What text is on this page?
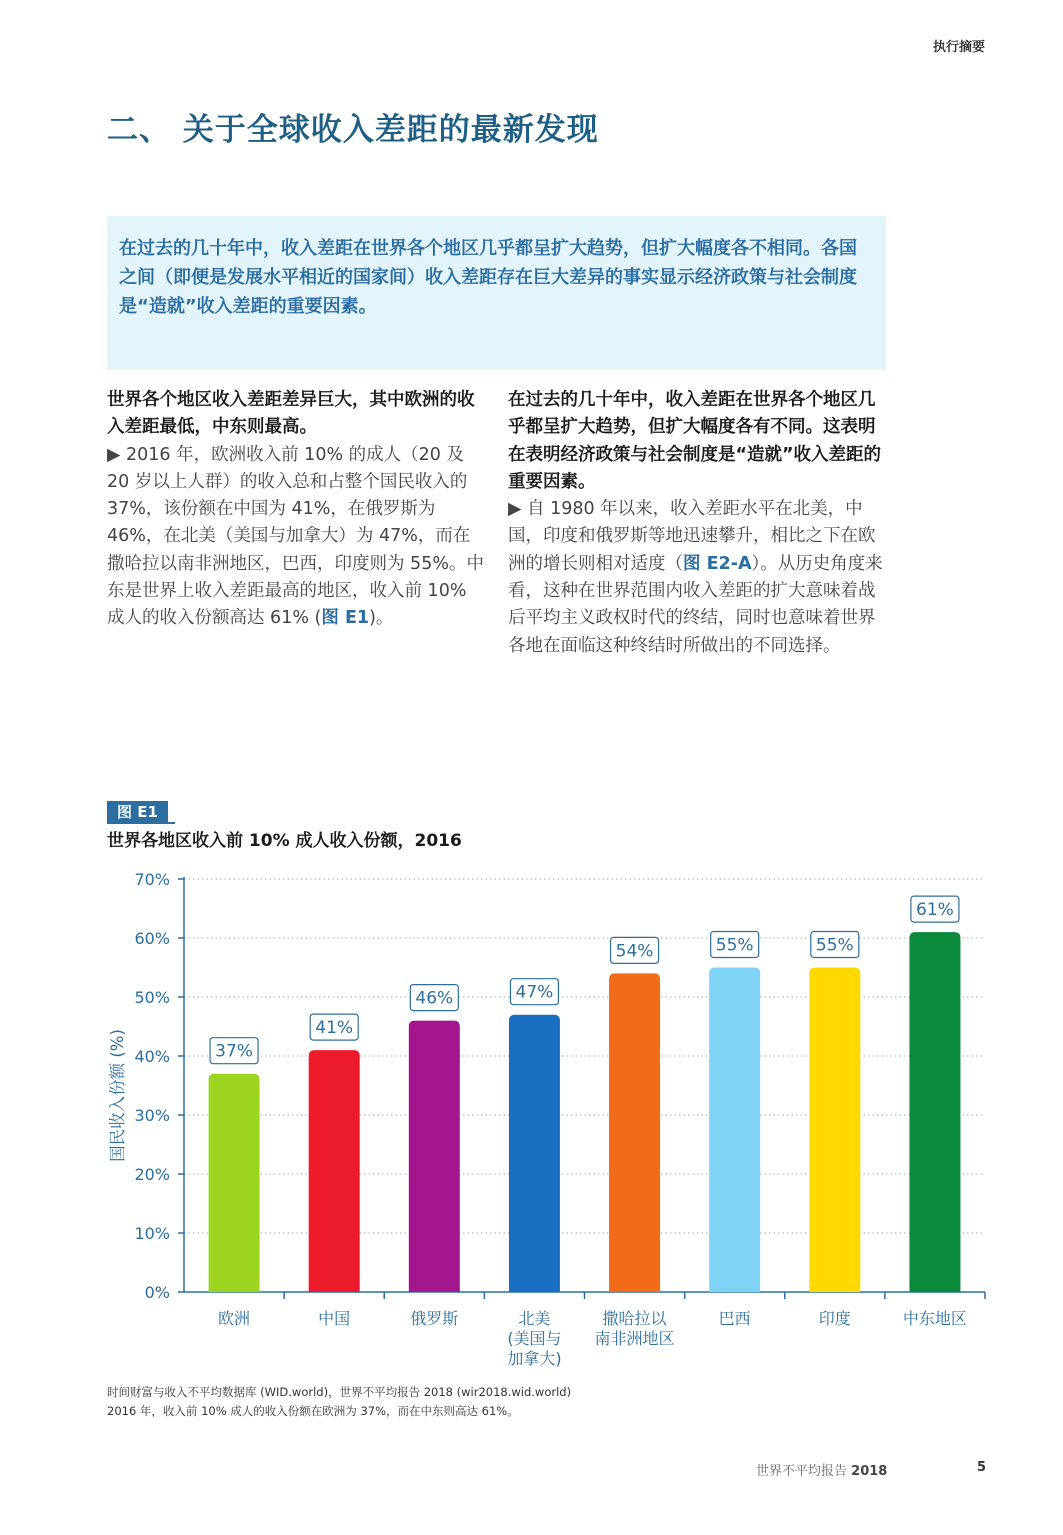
执行摘要
二、 关于全球收入差距的最新发现
在过去的几十年中，收入差距在世界各个地区几乎都呈扩大趋势，但扩大幅度各不相同。各国之间（即便是发展水平相近的国家间）收入差距存在巨大差异的事实显示经济政策与社会制度是“造就”收入差距的重要因素。
世界各个地区收入差距差异巨大，其中欧洲的收入差距最低，中东则最高。
▶ 2016 年，欧洲收入前 10% 的成人（20 及 20 岁以上人群）的收入总和占整个国民收入的 37%，该份额在中国为 41%，在俄罗斯为 46%，在北美（美国与加拿大）为 47%，而在撒哈拉以南非洲地区，巴西，印度则为 55%。中东是世界上收入差距最高的地区，收入前 10% 成人的收入份额高达 61% (图 E1)。
在过去的几十年中，收入差距在世界各个地区几乎都呈扩大趋势，但扩大幅度各有不同。这表明在表明经济政策与社会制度是“造就”收入差距的重要因素。
▶ 自 1980 年以来，收入差距水平在北美，中国，印度和俄罗斯等地迅速攀升，相比之下在欧洲的增长则相对适度（图 E2-A）。从历史角度来看，这种在世界范围内收入差距的扩大意味着战后平均主义政权时代的终结，同时也意味着世界各地在面临这种终结时所做出的不同选择。
图 E1
世界各地区收入前 10% 成人收入份额，2016
0%
10%
20%
30%
40%
50%
60%
70%
国民收入份额 (%)	37%
欧洲
41%
中国
46%
俄罗斯
47%
北美
(美国与
加拿大)
54%
撒哈拉以
南非洲地区
55%
巴西
55%
印度
61%
中东地区
时间财富与收入不平均数据库 (WID.world)，世界不平均报告 2018 (wir2018.wid.world)
2016 年，收入前 10% 成人的收入份额在欧洲为 37%，而在中东则高达 61%。
世界不平均报告 2018	5
